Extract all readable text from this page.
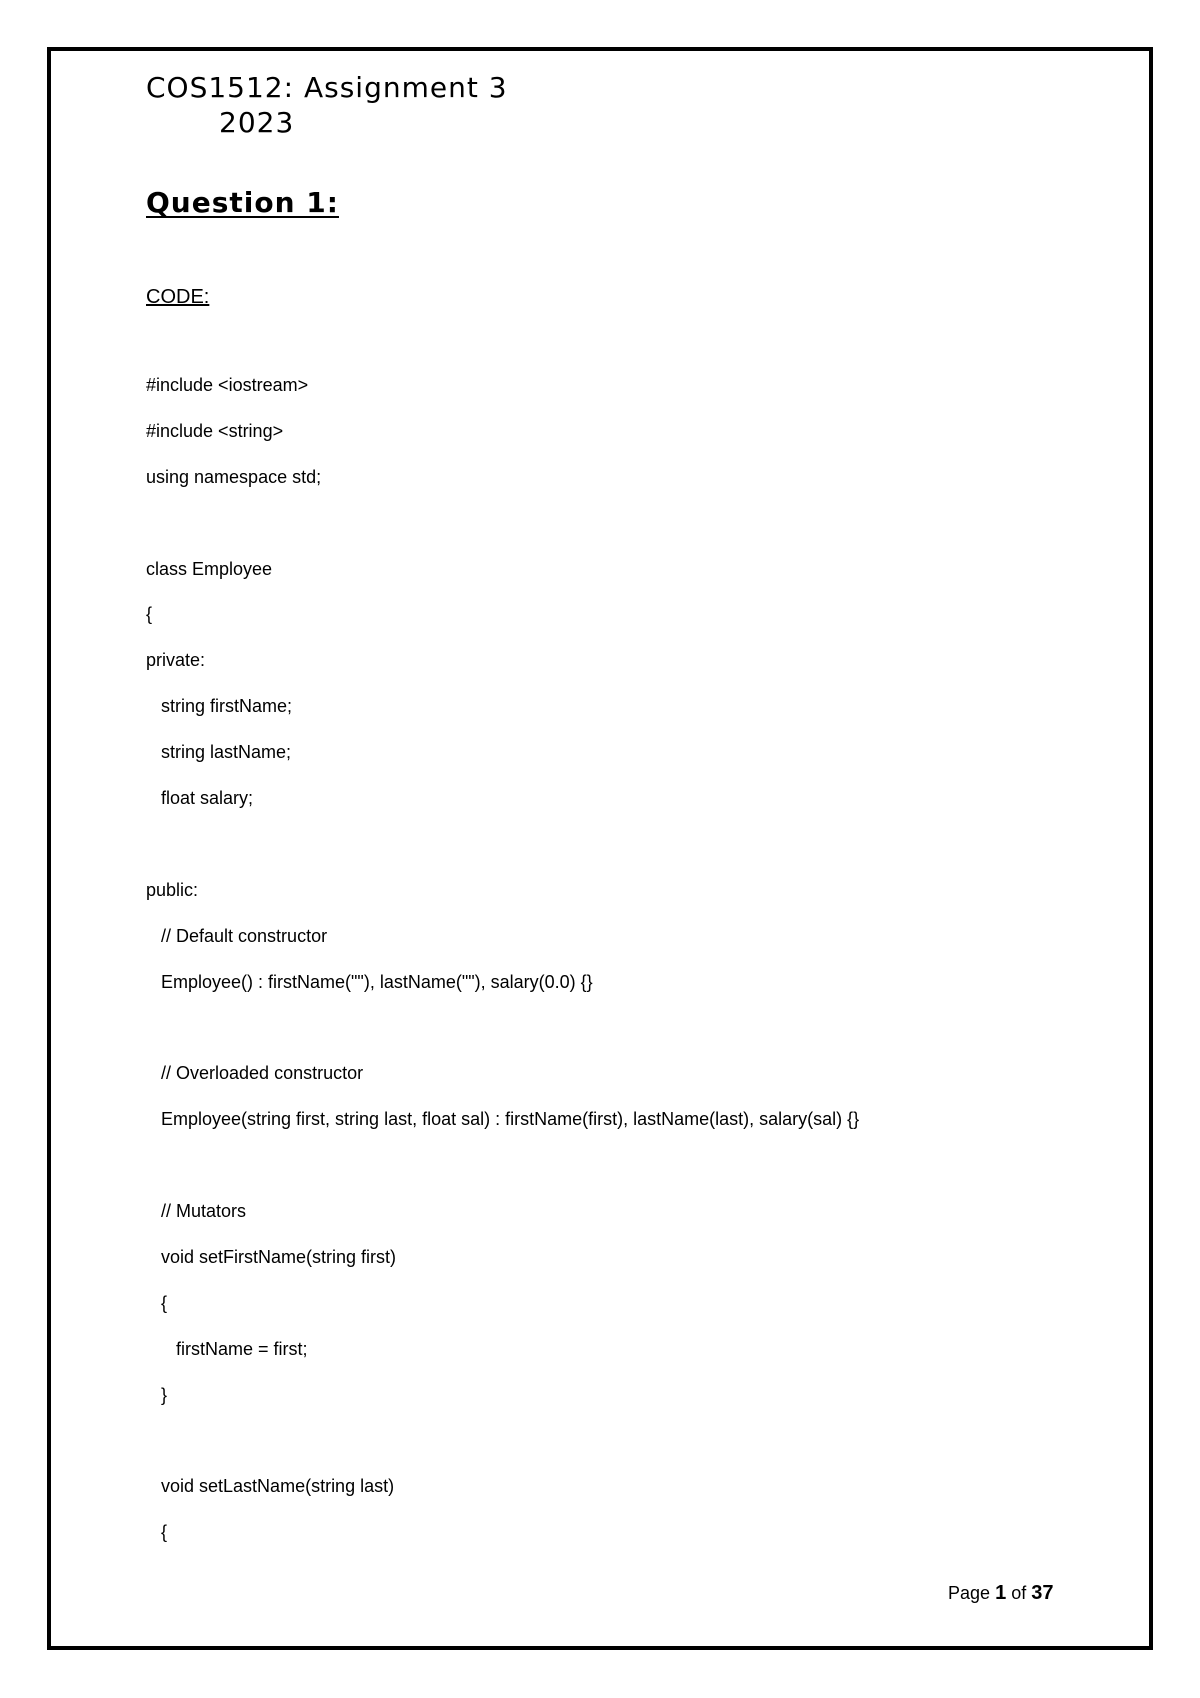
COS1512: Assignment 3
2023
Question 1:
CODE:
#include <iostream>
#include <string>
using namespace std;
class Employee
{
private:
string firstName;
string lastName;
float salary;
public:
// Default constructor
Employee() : firstName(""), lastName(""), salary(0.0) {}
// Overloaded constructor
Employee(string first, string last, float sal) : firstName(first), lastName(last), salary(sal) {}
// Mutators
void setFirstName(string first)
{
firstName = first;
}
void setLastName(string last)
{
Page 1 of 37
